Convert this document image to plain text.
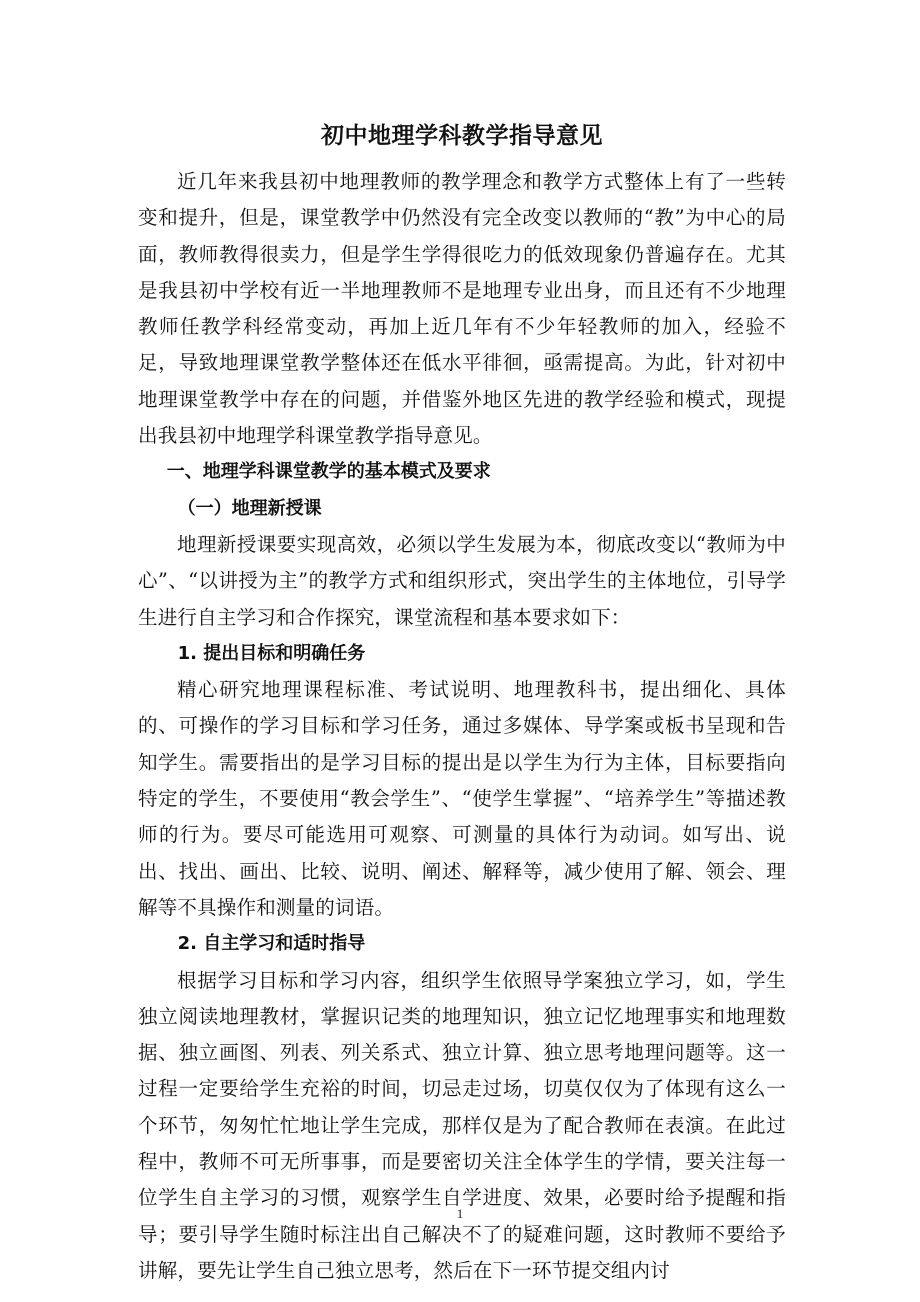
初中地理学科教学指导意见

近几年来我县初中地理教师的教学理念和教学方式整体上有了一些转变和提升，但是，课堂教学中仍然没有完全改变以教师的“教”为中心的局面，教师教得很卖力，但是学生学得很吃力的低效现象仍普遍存在。尤其是我县初中学校有近一半地理教师不是地理专业出身，而且还有不少地理教师任教学科经常变动，再加上近几年有不少年轻教师的加入，经验不足，导致地理课堂教学整体还在低水平徘徊，亟需提高。为此，针对初中地理课堂教学中存在的问题，并借鉴外地区先进的教学经验和模式，现提出我县初中地理学科课堂教学指导意见。

一、地理学科课堂教学的基本模式及要求

（一）地理新授课

地理新授课要实现高效，必须以学生发展为本，彻底改变以“教师为中心”、“以讲授为主”的教学方式和组织形式，突出学生的主体地位，引导学生进行自主学习和合作探究，课堂流程和基本要求如下：

1. 提出目标和明确任务

精心研究地理课程标准、考试说明、地理教科书，提出细化、具体的、可操作的学习目标和学习任务，通过多媒体、导学案或板书呈现和告知学生。需要指出的是学习目标的提出是以学生为行为主体，目标要指向特定的学生，不要使用“教会学生”、“使学生掌握”、“培养学生”等描述教师的行为。要尽可能选用可观察、可测量的具体行为动词。如写出、说出、找出、画出、比较、说明、阐述、解释等，减少使用了解、领会、理解等不具操作和测量的词语。

2. 自主学习和适时指导

根据学习目标和学习内容，组织学生依照导学案独立学习，如，学生独立阅读地理教材，掌握识记类的地理知识，独立记忆地理事实和地理数据、独立画图、列表、列关系式、独立计算、独立思考地理问题等。这一过程一定要给学生充裕的时间，切忌走过场，切莫仅仅为了体现有这么一个环节，匆匆忙忙地让学生完成，那样仅是为了配合教师在表演。在此过程中，教师不可无所事事，而是要密切关注全体学生的学情，要关注每一位学生自主学习的习惯，观察学生自学进度、效果，必要时给予提醒和指导；要引导学生随时标注出自己解决不了的疑难问题，这时教师不要给予讲解，要先让学生自己独立思考，然后在下一环节提交组内讨

1
